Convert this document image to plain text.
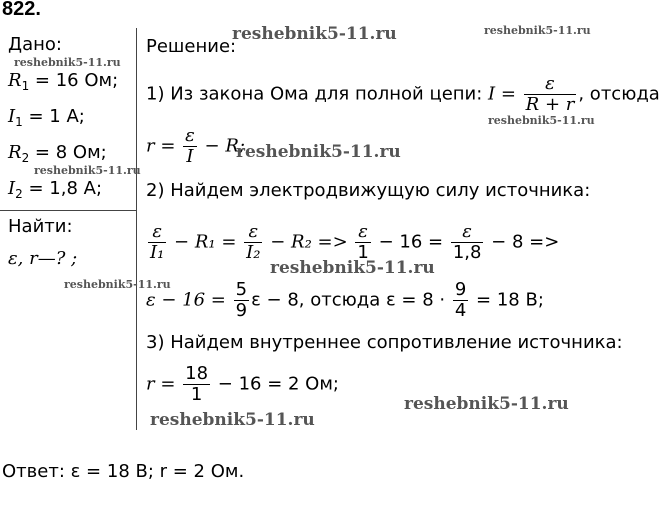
822.
Дано:
$R_1 = 16$ Ом;
$I_1 = 1$ А;
$R_2 = 8$ Ом;
$I_2 = 1,8$ А;
Найти:
ε, r—? ;
Решение:
1) Из закона Ома для полной цепи: $I = \frac{\varepsilon}{R + r}$ , отсюда
$r = \frac{\varepsilon}{I} - R$;
2) Найдем электродвижущую силу источника:
$\frac{\varepsilon}{\text{I₁}} - R_1 = \frac{\varepsilon}{\text{I₂}} - R_2 => \frac{\varepsilon}{1} - 16 = \frac{\varepsilon}{1,8} - 8$ =>
$\varepsilon - 16 = \frac{5}{9}$ ε − 8, отсюда $\varepsilon = 8 \cdot \frac{9}{4} = 18$ В;
3) Найдем внутреннее сопротивление источника:
$r = \frac{18}{1} - 16 = 2$ Ом;
Ответ: ε = 18 В; r = 2 Ом.
reshebnik5-11.ru	reshebnik5-11.ru
reshebnik5-11.ru
reshebnik5-11.ru
reshebnik5-11.ru
reshebnik5-11.ru
reshebnik5-11.ru
reshebnik5-11.ru
reshebnik5-11.ru
reshebnik5-11.ru
